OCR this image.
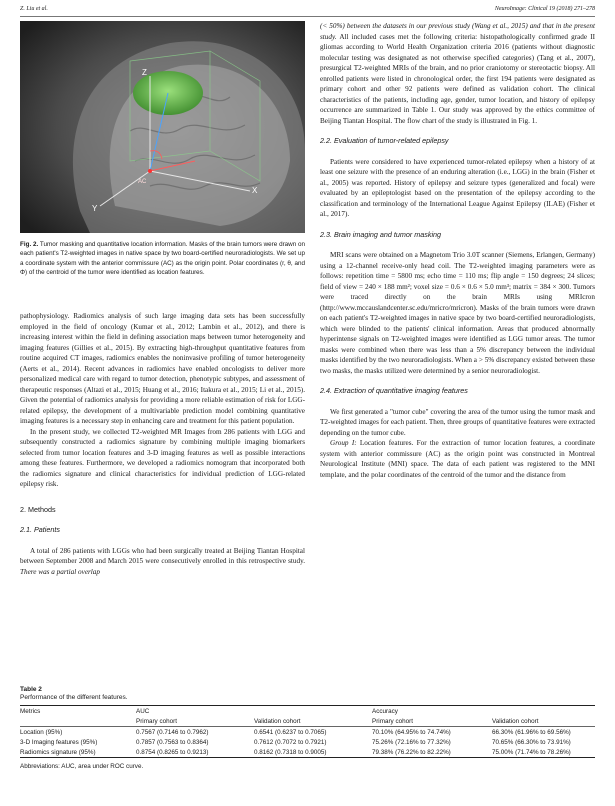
Z. Liu et al.	NeuroImage: Clinical 19 (2018) 271–278
Z
X
Y
AC
Fig. 2. Tumor masking and quantitative location information. Masks of the brain tumors were drawn on each patient's T2-weighted images in native space by two board-certified neuroradiologists. We set up a coordinate system with the anterior commissure (AC) as the origin point. Polar coordinates (r, θ, and Φ) of the centroid of the tumor were identified as location features.

pathophysiology. Radiomics analysis of such large imaging data sets has been successfully employed in the field of oncology (Kumar et al., 2012; Lambin et al., 2012), and there is increasing interest within the field in defining association maps between tumor heterogeneity and imaging features (Gillies et al., 2015). By extracting high-throughput quantitative features from routine acquired CT images, radiomics enables the noninvasive profiling of tumor heterogeneity (Aerts et al., 2014). Recent advances in radiomics have enabled oncologists to deliver more personalized medical care with regard to tumor detection, phenotypic subtypes, and assessment of therapeutic responses (Altazi et al., 2015; Huang et al., 2016; Itakura et al., 2015; Li et al., 2015). Given the potential of radiomics analysis for providing a more reliable estimation of risk for LGG-related epilepsy, the development of a multivariable prediction model combining quantitative imaging features is a necessary step in enhancing care and treatment for this patient population.

In the present study, we collected T2-weighted MR Images from 286 patients with LGG and subsequently constructed a radiomics signature by combining multiple imaging biomarkers selected from tumor location features and 3-D imaging features as well as possible interactions among these features. Furthermore, we developed a radiomics nomogram that incorporated both the radiomics signature and clinical characteristics for individual prediction of LGG-related epilepsy risk.

2. Methods

2.1. Patients

A total of 286 patients with LGGs who had been surgically treated at Beijing Tiantan Hospital between September 2008 and March 2015 were consecutively enrolled in this retrospective study. There was a partial overlap

(< 50%) between the datasets in our previous study (Wang et al., 2015) and that in the present study. All included cases met the following criteria: histopathologically confirmed grade II gliomas according to World Health Organization criteria 2016 (patients without diagnostic molecular testing was designated as not otherwise specified categories) (Tang et al., 2007), presurgical T2-weighted MRIs of the brain, and no prior craniotomy or stereotactic biopsy. All enrolled patients were listed in chronological order, the first 194 patients were designated as primary cohort and other 92 patients were defined as validation cohort. The clinical characteristics of the patients, including age, gender, tumor location, and history of epilepsy occurrence are summarized in Table 1. Our study was approved by the ethics committee of Beijing Tiantan Hospital. The flow chart of the study is illustrated in Fig. 1.

2.2. Evaluation of tumor-related epilepsy

Patients were considered to have experienced tumor-related epilepsy when a history of at least one seizure with the presence of an enduring alteration (i.e., LGG) in the brain (Fisher et al., 2005) was reported. History of epilepsy and seizure types (generalized and focal) were evaluated by an epileptologist based on the presentation of the epilepsy according to the classification and terminology of the International League Against Epilepsy (ILAE) (Fisher et al., 2017).

2.3. Brain imaging and tumor masking

MRI scans were obtained on a Magnetom Trio 3.0T scanner (Siemens, Erlangen, Germany) using a 12-channel receive-only head coil. The T2-weighted imaging parameters were as follows: repetition time = 5800 ms; echo time = 110 ms; flip angle = 150 degrees; 24 slices; field of view = 240 × 188 mm²; voxel size = 0.6 × 0.6 × 5.0 mm³; matrix = 384 × 300. Tumors were traced directly on the brain MRIs using MRIcron (http://www.mccauslandcenter.sc.edu/mricro/mricron). Masks of the brain tumors were drawn on each patient's T2-weighted images in native space by two board-certified neuroradiologists, which were blinded to the patients' clinical information. Areas that produced abnormally hyperintense signals on T2-weighted images were identified as LGG tumor areas. The tumor masks were combined when there was less than a 5% discrepancy between the individual masks identified by the two neuroradiologists. When a > 5% discrepancy existed between these two masks, the masks utilized were determined by a senior neuroradiologist.

2.4. Extraction of quantitative imaging features

We first generated a "tumor cube" covering the area of the tumor using the tumor mask and T2-weighted images for each patient. Then, three groups of quantitative features were extracted depending on the tumor cube.

Group I: Location features. For the extraction of tumor location features, a coordinate system with anterior commissure (AC) as the origin point was constructed in Montreal Neurological Institute (MNI) space. The data of each patient was registered to the MNI template, and the polar coordinates of the centroid of the tumor and the distance from

Table 2
Performance of the different features.
Metrics	AUC		Accuracy	
	Primary cohort	Validation cohort	Primary cohort	Validation cohort
Location (95%)	0.7567 (0.7146 to 0.7962)	0.6541 (0.6237 to 0.7065)	70.10% (64.95% to 74.74%)	66.30% (61.96% to 69.56%)
3-D Imaging features (95%)	0.7857 (0.7563 to 0.8364)	0.7612 (0.7072 to 0.7921)	75.26% (72.16% to 77.32%)	70.65% (66.30% to 73.91%)
Radiomics signature (95%)	0.8754 (0.8265 to 0.9213)	0.8162 (0.7318 to 0.9005)	79.38% (76.22% to 82.22%)	75.00% (71.74% to 78.26%)
Abbreviations: AUC, area under ROC curve.
